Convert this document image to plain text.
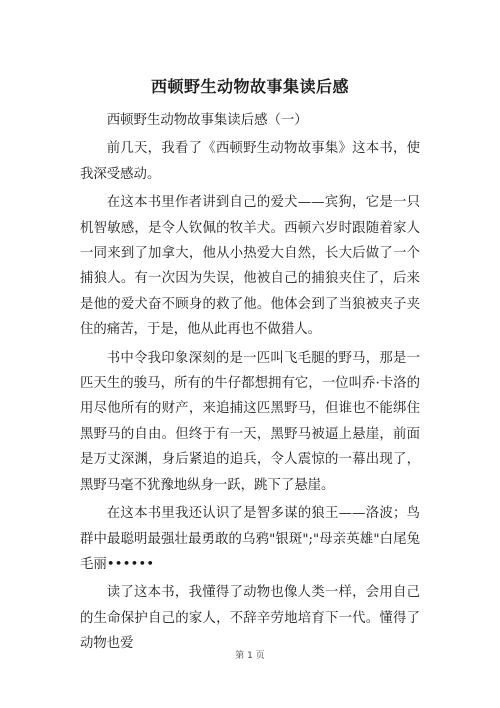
西顿野生动物故事集读后感

西顿野生动物故事集读后感（一）

前几天，我看了《西顿野生动物故事集》这本书，使我深受感动。

在这本书里作者讲到自己的爱犬——宾狗，它是一只机智敏感，是令人钦佩的牧羊犬。西顿六岁时跟随着家人一同来到了加拿大，他从小热爱大自然，长大后做了一个捕狼人。有一次因为失误，他被自己的捕狼夹住了，后来是他的爱犬奋不顾身的救了他。他体会到了当狼被夹子夹住的痛苦，于是，他从此再也不做猎人。

书中令我印象深刻的是一匹叫飞毛腿的野马，那是一匹天生的骏马，所有的牛仔都想拥有它，一位叫乔·卡洛的用尽他所有的财产，来追捕这匹黑野马，但谁也不能绑住黑野马的自由。但终于有一天，黑野马被逼上悬崖，前面是万丈深渊，身后紧追的追兵，令人震惊的一幕出现了，黑野马毫不犹豫地纵身一跃，跳下了悬崖。

在这本书里我还认识了是智多谋的狼王——洛波；鸟群中最聪明最强壮最勇敢的乌鸦"银斑";"母亲英雄"白尾兔毛丽••••••

读了这本书，我懂得了动物也像人类一样，会用自己的生命保护自己的家人，不辞辛劳地培育下一代。懂得了动物也爱

第 1 页
